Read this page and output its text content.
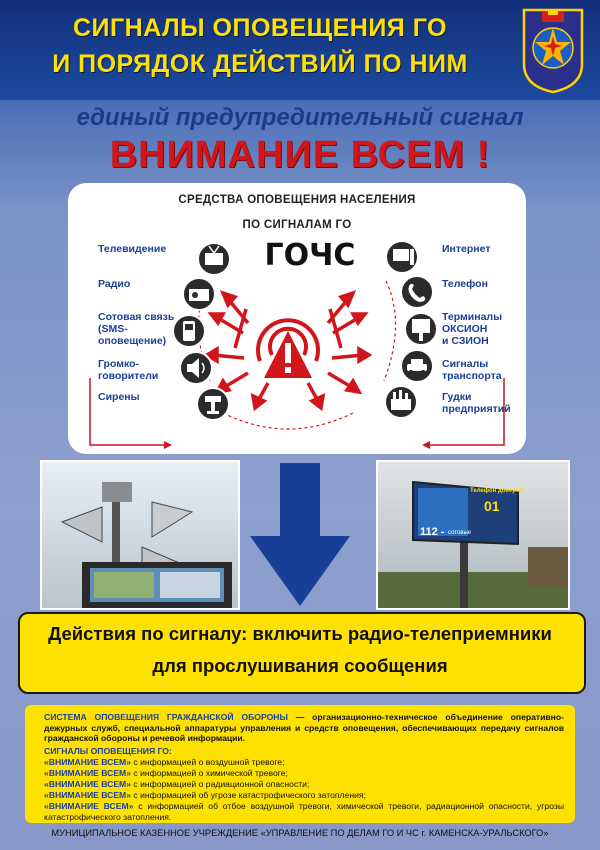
СИГНАЛЫ ОПОВЕЩЕНИЯ ГО
И ПОРЯДОК ДЕЙСТВИЙ ПО НИМ
единый предупредительный сигнал
ВНИМАНИЕ ВСЕМ !
СРЕДСТВА ОПОВЕЩЕНИЯ НАСЕЛЕНИЯ
ПО СИГНАЛАМ ГО
ГОЧС
Телевидение
Радио
Сотовая связь
(SMS-
оповещение)
Громко-
говорители
Сирены
Интернет
Телефон
Терминалы
ОКСИОН
и СЗИОН
Сигналы
транспорта
Гудки
предприятий
Телефон доверия
01
112 - сотовые
Действия по сигналу: включить радио-телеприемники
для прослушивания сообщения
СИСТЕМА ОПОВЕЩЕНИЯ ГРАЖДАНСКОЙ ОБОРОНЫ — организационно-техническое объединение оперативно-дежурных служб, специальной аппаратуры управления и средств оповещения, обеспечивающих передачу сигналов гражданской обороны и речевой информации.
СИГНАЛЫ ОПОВЕЩЕНИЯ ГО:
«ВНИМАНИЕ ВСЕМ» с информацией о воздушной тревоге;
«ВНИМАНИЕ ВСЕМ» с информацией о химической тревоге;
«ВНИМАНИЕ ВСЕМ» с информацией о радиационной опасности;
«ВНИМАНИЕ ВСЕМ» с информацией об угрозе катастрофического затопления;
«ВНИМАНИЕ ВСЕМ» с информацией об отбое воздушной тревоги, химической тревоги, радиационной опасности, угрозы катастрофического затопления.
МУНИЦИПАЛЬНОЕ КАЗЕННОЕ УЧРЕЖДЕНИЕ «УПРАВЛЕНИЕ ПО ДЕЛАМ ГО И ЧС г. КАМЕНСКА-УРАЛЬСКОГО»
